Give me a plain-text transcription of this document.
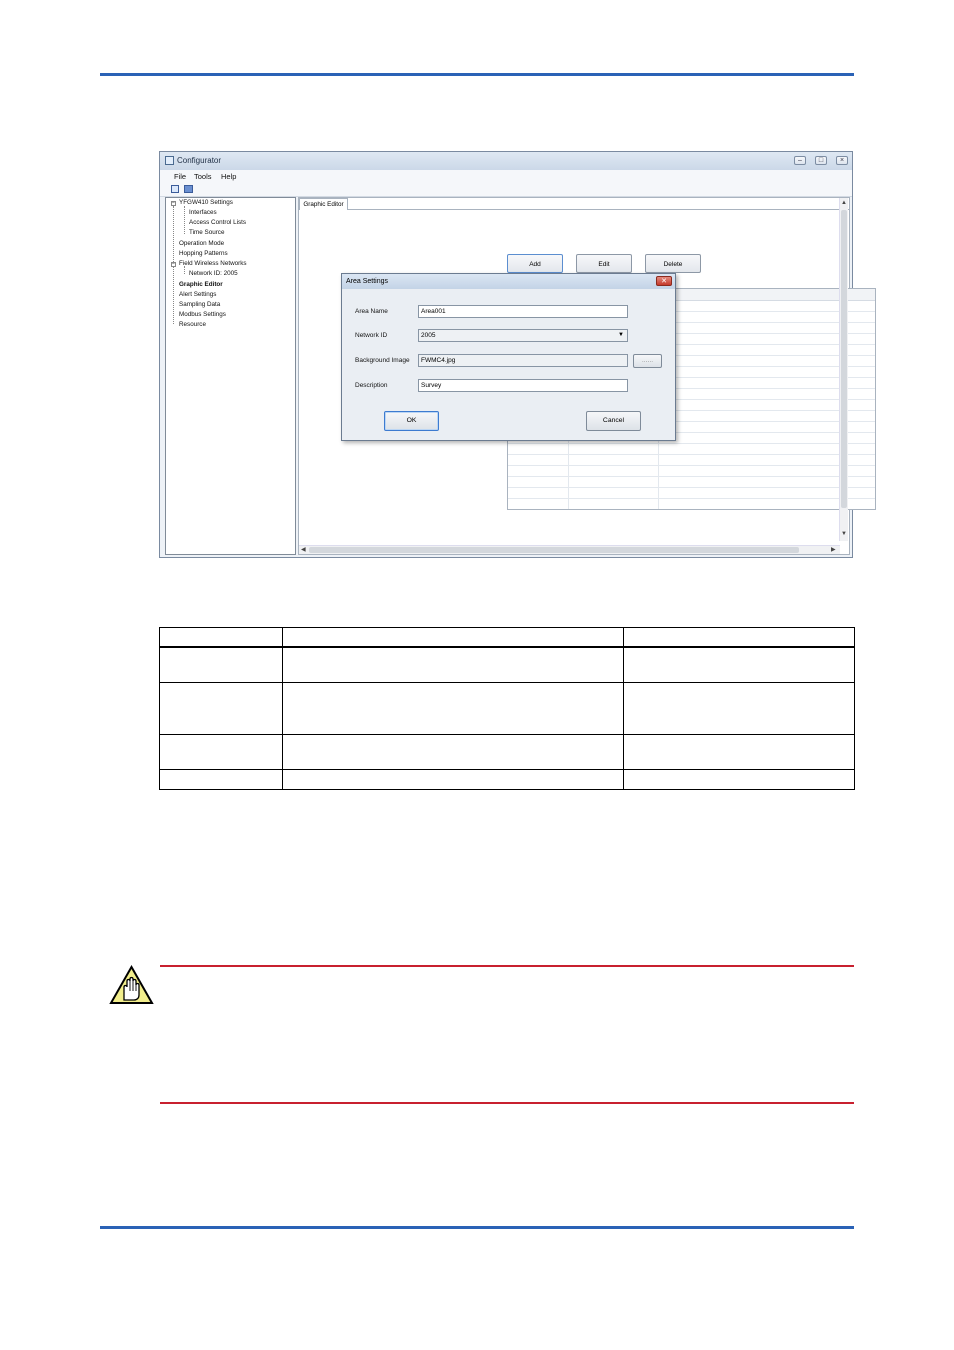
Configurator	‒	□	×
File Tools Help
− YFGW410 Settings
Interfaces
Access Control Lists
Time Source
Operation Mode
Hopping Patterns
− Field Wireless Networks
Network ID: 2005
Graphic Editor
Alert Settings
Sampling Data
Modbus Settings
Resource
Graphic Editor
Add	Edit	Delete
▲
▼
◀	▶
Area Settings	✕
Area Name	Area001
Network ID	2005	▼
Background Image	FWMC4.jpg	......
Description	Survey
OK	Cancel
